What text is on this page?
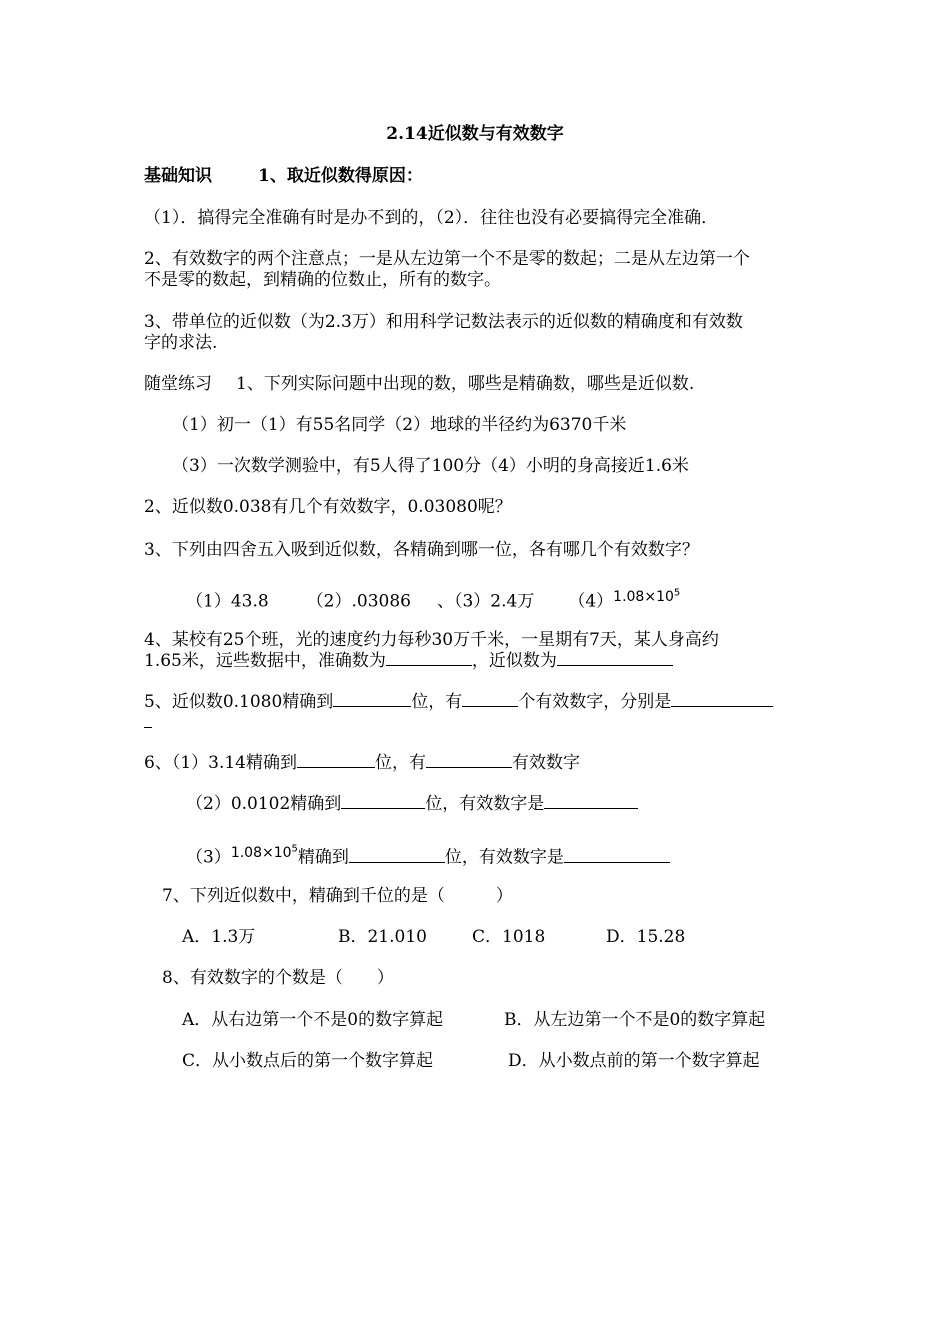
2.14近似数与有效数字
基础知识	1、取近似数得原因：
（1）．搞得完全准确有时是办不到的，（2）．往往也没有必要搞得完全准确．
2、有效数字的两个注意点；一是从左边第一个不是零的数起；二是从左边第一个
不是零的数起，到精确的位数止，所有的数字。
3、带单位的近似数（为2.3万）和用科学记数法表示的近似数的精确度和有效数
字的求法.
随堂练习 1、下列实际问题中出现的数，哪些是精确数，哪些是近似数.
（1）初一（1）有55名同学（2）地球的半径约为6370千米
（3）一次数学测验中，有5人得了100分（4）小明的身高接近1.6米
2、近似数0.038有几个有效数字，0.03080呢？
3、下列由四舍五入吸到近似数，各精确到哪一位，各有哪几个有效数字？
（1）43.8 （2）.03086 、（3）2.4万 $(4)^{1.08\times 10^5}$
4、某校有25个班，光的速度约力每秒30万千米，一星期有7天，某人身高约
1.65米，远些数据中，准确数为	，近似数为
5、近似数0.1080精确到	位，有	个有效数字，分别是
6、（1）3.14精确到	位，有	有效数字
（2）0.0102精确到	位，有效数字是
$(3)^{1.08\times 10^5}$精确到	位，有效数字是
7、下列近似数中，精确到千位的是（　　　）
A．1.3万	B．21.010	C．1018	D．15.28
8、有效数字的个数是（　　）
A．从右边第一个不是0的数字算起	B．从左边第一个不是0的数字算起
C．从小数点后的第一个数字算起	D．从小数点前的第一个数字算起
